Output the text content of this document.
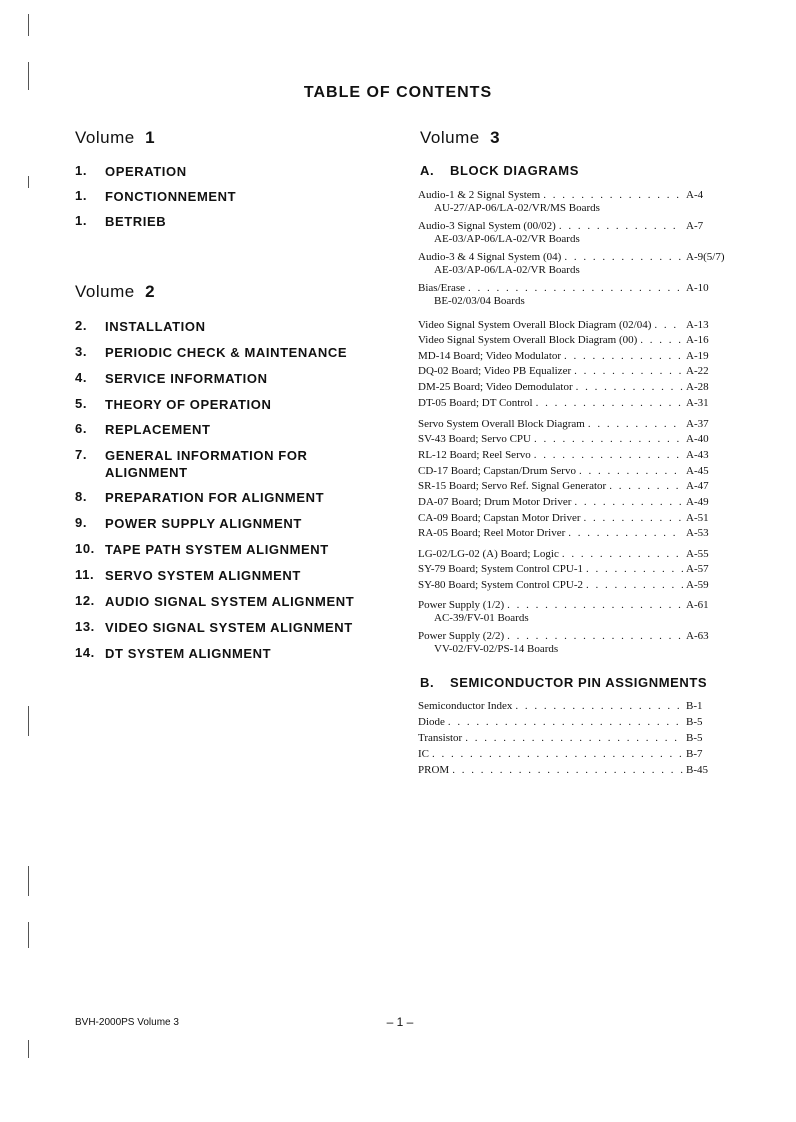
TABLE OF CONTENTS
Volume 1
1.	OPERATION
1.	FONCTIONNEMENT
1.	BETRIEB
Volume 2
2.	INSTALLATION
3.	PERIODIC CHECK & MAINTENANCE
4.	SERVICE INFORMATION
5.	THEORY OF OPERATION
6.	REPLACEMENT
7.	GENERAL INFORMATION FOR
ALIGNMENT
8.	PREPARATION FOR ALIGNMENT
9.	POWER SUPPLY ALIGNMENT
10. TAPE PATH SYSTEM ALIGNMENT
11. SERVO SYSTEM ALIGNMENT
12. AUDIO SIGNAL SYSTEM ALIGNMENT
13. VIDEO SIGNAL SYSTEM ALIGNMENT
14. DT SYSTEM ALIGNMENT
Volume 3
A. BLOCK DIAGRAMS
Audio-1 & 2 Signal System . . .	A-4
AU-27/AP-06/LA-02/VR/MS Boards
Audio-3 Signal System (00/02) . . .	A-7
AE-03/AP-06/LA-02/VR Boards
Audio-3 & 4 Signal System (04) . . .	A-9(5/7)
AE-03/AP-06/LA-02/VR Boards
Bias/Erase . . .	A-10
BE-02/03/04 Boards
Video Signal System Overall Block Diagram (02/04) . . .	A-13
Video Signal System Overall Block Diagram (00) . . .	A-16
MD-14 Board; Video Modulator . . .	A-19
DQ-02 Board; Video PB Equalizer . . .	A-22
DM-25 Board; Video Demodulator . . .	A-28
DT-05 Board; DT Control . . .	A-31
Servo System Overall Block Diagram . . .	A-37
SV-43 Board; Servo CPU . . .	A-40
RL-12 Board; Reel Servo . . .	A-43
CD-17 Board; Capstan/Drum Servo . . .	A-45
SR-15 Board; Servo Ref. Signal Generator . . .	A-47
DA-07 Board; Drum Motor Driver . . .	A-49
CA-09 Board; Capstan Motor Driver . . .	A-51
RA-05 Board; Reel Motor Driver . . .	A-53
LG-02/LG-02 (A) Board; Logic . . .	A-55
SY-79 Board; System Control CPU-1 . . .	A-57
SY-80 Board; System Control CPU-2 . . .	A-59
Power Supply (1/2) . . .	A-61
AC-39/FV-01 Boards
Power Supply (2/2) . . .	A-63
VV-02/FV-02/PS-14 Boards
B. SEMICONDUCTOR PIN ASSIGNMENTS
Semiconductor Index . . .	B-1
Diode . . .	B-5
Transistor . . .	B-5
IC . . .	B-7
PROM . . .	B-45
BVH-2000PS Volume 3	– 1 –
